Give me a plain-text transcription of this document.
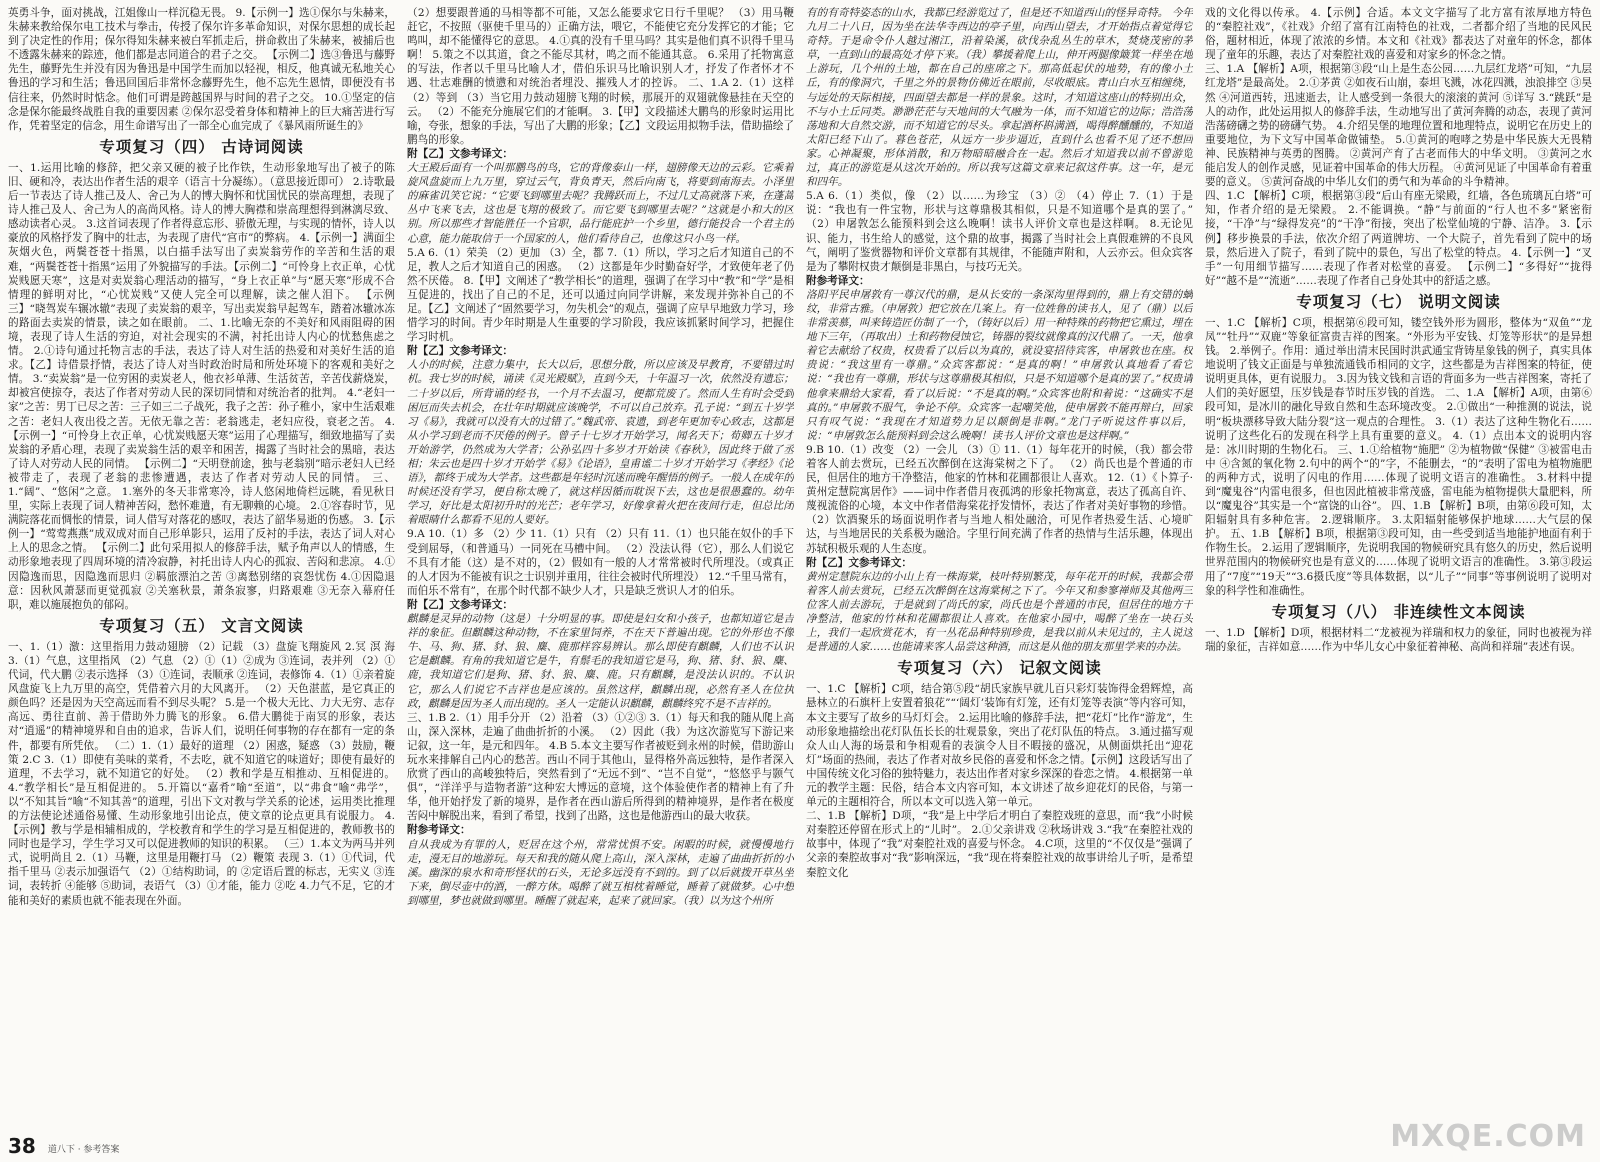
英勇斗争，面对挑战，江姐像山一样沉稳无畏。 9.【示例一】选①保尔与朱赫来，朱赫来教给保尔电工技术与拳击，传授了保尔许多革命知识，对保尔思想的成长起到了决定性的作用；保尔得知朱赫来被白军抓走后，拼命救出了朱赫来，被捕后也不透露朱赫来的踪迹，他们都是志同道合的君子之交。 【示例二】选③鲁迅与藤野先生，藤野先生并没有因为鲁迅是中国学生而加以轻视，相反，他真诚无私地关心鲁迅的学习和生活；鲁迅回国后非常怀念藤野先生，他不忘先生恩情，即便没有书信往来，仍然时时惦念。他们可谓是跨越国界与时间的君子之交。 10.①坚定的信念是保尔能最终战胜自我的重要因素 ②保尔忍受着身体和精神上的巨大痛苦进行写作，凭着坚定的信念，用生命谱写出了一部全心血完成了《暴风雨所诞生的》

专项复习（四） 古诗词阅读

一、1.运用比喻的修辞，把父亲又硬的被子比作铁，生动形象地写出了被子的陈旧、硬和冷，表达出作者生活的艰辛（语言十分凝练）。（意思接近即可） 2.诗歌最后一节表达了诗人推己及人、舍己为人的博大胸怀和忧国忧民的崇高理想，表现了诗人推己及人、舍己为人的高尚风格。诗人的博大胸襟和崇高理想得到淋漓尽致、感动读者心灵。 3.这首词表现了作者得意忘形、骄傲无理，与实现的情怀，诗人以豪放的风格抒发了胸中的壮志，为表现了唐代“宫市”的弊病。 4.【示例一】满面尘灰烟火色，两鬓苍苍十指黑，以白描手法写出了卖炭翁劳作的辛苦和生活的艰难，“两鬓苍苍十指黑”运用了外貌描写的手法。【示例二】“可怜身上衣正单，心忧炭贱愿天寒”，这是对卖炭翁心理活动的描写，“身上衣正单”与“愿天寒”形成不合情理的鲜明对比，“心忧炭贱”又使人完全可以理解，读之催人泪下。 【示例三】“晓驾炭车辗冰辙”表现了卖炭翁的艰辛，写出卖炭翁早起驾车，踏着冰辙冰冻的路面去卖炭的情景，读之如在眼前。 二、1.比喻无奈的不美好和风雨阻碍的困境，表现了诗人生活的穷迫，对社会现实的不满，衬托出诗人内心的忧愁焦虑之情。 2.①诗句通过托物言志的手法，表达了诗人对生活的热爱和对美好生活的追求。【乙】诗借景抒情，表达了诗人对当时政治时局和所处环境下的客观和美好之情。 3.“卖炭翁”是一位穷困的卖炭老人，他衣衫单薄、生活贫苦，辛苦伐薪烧炭，却被宫使掠夺，表达了作者对劳动人民的深切同情和对统治者的批判。 4.“老妇一家”之苦：男丁已尽之苦：三子如三二子战死，我子之苦：孙子稚小，家中生活艰难之苦：老妇人夜出役之苦。无依无靠之苦：老翁逃走，老妇应役，衰老之苦。 4.【示例一】“可怜身上衣正单，心忧炭贱愿天寒”运用了心理描写，细致地描写了卖炭翁的矛盾心理，表现了卖炭翁生活的艰辛和困苦，揭露了当时社会的黑暗，表达了诗人对劳动人民的同情。 【示例二】“天明登前途，独与老翁别”暗示老妇人已经被带走了，表现了老翁的悲惨遭遇，表达了作者对劳动人民的同情。 三、1.“阔”、“悠闲”之意。 1.塞外的冬天非常寒冷，诗人悠闲地倚栏远眺，看见秋日里，实际上表现了词人精神苦闷，愁怀难遣，有无聊赖的心境。 2.①容春时节，见满院落花而惆怅的情景，词人借写对落花的感叹，表达了韶华易逝的伤感。 3.【示例一】“莺莺燕燕”成双成对而自己形单影只，运用了反衬的手法，表达了词人对心上人的思念之情。 【示例二】此句采用拟人的修辞手法，赋予角声以人的情感，生动形象地表现了四周环境的清冷寂静，衬托出诗人内心的孤寂、苦闷和悲凉。 4.①因隐逸而思，因隐逸而思归 ②羁旅漂泊之苦 ③离愁别绪的哀怨忧伤 4.①因隐退意：因秋风萧瑟而更觉孤寂 ②关塞秋景，萧条寂寥，归路艰难 ③无奈入幕府任职，难以施展抱负的郁闷。

专项复习（五） 文言文阅读

一、1.（1）激：这里指用力鼓动翅膀 （2）记载 （3）盘旋飞翔旋风 2.冥 溟 海 3.（1）气息，这里指风 （2）气息 （2）①（1）②成为 ③连词，表并列 （2）①代词，代大鹏 ②表示选择 （3）①连词，表顺承 ②连词，表修饰 4.（1）①亲着旋风盘旋飞上九万里的高空，凭借着六月的大风离开。 （2）天色湛蓝，是它真正的颜色吗？还是因为天空高远而看不到尽头呢？ 5.是一个极大无比、力大无穷、志存高远、勇往直前、善于借助外力腾飞的形象。 6.借大鹏徙于南冥的形象，表达对“逍遥”的精神境界和自由的追求，告诉人们，说明任何事物的存在都有一定的条件，都要有所凭依。 （二）1.（1）最好的道理 （2）困惑，疑惑 （3）鼓励，鞭策 2.C 3.（1）即使有美味的菜肴，不去吃，就不知道它的味道好；即使有最好的道理，不去学习，就不知道它的好处。 （2）教和学是互相推动、互相促进的。 4.“教学相长”是互相促进的。 5.开篇以“嘉肴”喻“至道”，以“弗食”喻“弗学”，以“不知其旨”喻“不知其善”的道理，引出下文对教与学关系的论述，运用类比推理的方法使论述通俗易懂、生动形象地引出论点，使文章的论点更具有说服力。 4.【示例】教与学是相辅相成的，学校教育和学生的学习是互相促进的，教师教书的同时也是学习，学生学习又可以促进教师的知识的积累。 （三）1.本文为两马并列式，说明尚且 2.（1）马鞭，这里是用鞭打马 （2）鞭策 表现 3.（1）①代词，代指千里马 ②表示加强语气 （2）①结构助词，的 ②定语后置的标志，无实义 ③连词，表转折 ④能够 ⑤助词，表语气 （3）①才能，能力 ②吃 4.力气不足，它的才能和美好的素质也就不能表现在外面。

（2）想要跟普通的马相等都不可能，又怎么能要求它日行千里呢？ （3）用马鞭赶它，不按照（驱使千里马的）正确方法，喂它，不能使它充分发挥它的才能；它鸣叫，却不能懂得它的意思。 4.①真的没有千里马吗？其实是他们真不识得千里马啊！ 5.策之不以其道，食之不能尽其材，鸣之而不能通其意。 6.采用了托物寓意的写法，作者以千里马比喻人才，借伯乐识马比喻识别人才，抒发了作者怀才不遇、壮志难酬的愤懑和对统治者埋没、摧残人才的控诉。 二、1.A 2.（1）这样 （2）等到 （3）当它用力鼓动翅膀飞翔的时候，那展开的双翅就像悬挂在天空的云。 （2）不能充分施展它们的才能啊。 3.【甲】文段描述大鹏鸟的形象时运用比喻，夸张，想象的手法，写出了大鹏的形象；【乙】文段运用拟物手法，借助描绘了鹏鸟的形象。

附【乙】文参考译文：

大王殿后面有一个叫那鹏鸟的鸟，它的背像泰山一样，翅膀像天边的云彩。它乘着旋风盘旋而上九万里，穿过云气，背负青天，然后向南飞，将要到南海去。小泽里的麻雀讥笑它说：“它要飞到哪里去呢？我腾跃而上，不过几丈高就落下来，在蓬蒿丛中飞来飞去，这也是飞翔的极致了。而它要飞到哪里去呢？”这就是小和大的区别。所以那些才智能胜任一个官职，品行能庇护一个乡里，德行能投合一个君主的心意，能力能取信于一个国家的人，他们看待自己，也像这只小鸟一样。

5.A 6.（1）荣美 （2）更加 （3）全，都 7.（1）所以，学习之后才知道自己的不足，教人之后才知道自己的困惑。 （2）这都是年少时勤奋好学，才致使年老了仍然不厌倦。 8.【甲】文阐述了“教学相长”的道理，强调了在学习中“教”和“学”是相互促进的，找出了自己的不足，还可以通过向同学讲解，来发现并弥补自己的不足。【乙】文阐述了“固然要学习，勿失机会”的观点，强调了应早早地致力学习，珍惜学习的时间。青少年时期是人生重要的学习阶段，我应该抓紧时间学习，把握住学习时机。

附【乙】文参考译文：

人小的时候，注意力集中，长大以后，思想分散，所以应该及早教育，不要错过时机。我七岁的时候，诵读《灵光殿赋》，直到今天，十年温习一次，依然没有遗忘；二十岁以后，所背诵的经书，一个月不去温习，便都荒废了。然而人生有时会受到困厄而失去机会，在壮年时期就应该晚学，不可以自己放弃。孔子说：“到五十岁学习《易》，我就可以没有大的过错了。”魏武帝、袁遗，到老年更加专心致志，这都是从小学习到老而不厌倦的例子。曾子十七岁才开始学习，闻名天下；荀卿五十岁才开始游学，仍然成为大学者；公孙弘四十多岁才开始读《春秋》，因此终于做了丞相；朱云也是四十岁才开始学《易》《论语》，皇甫谧二十岁才开始学习《孝经》《论语》，都终于成为大学者。这些都是年轻时沉迷而晚年醒悟的例子。一般人在成年的时候还没有学习，便自称太晚了，就这样因循而耽误下去，这也是很愚蠢的。幼年学习，好比是太阳初升时的光芒；老年学习，好像拿着火把在夜间行走，但总比闭着眼睛什么都看不见的人要好。

9.A 10.（1）多 （2）少 11.（1）只有 （2）只有 11.（1）也只能在奴仆的手下受到屈辱，（和普通马）一同死在马槽中间。 （2）没法认得（它），那么人们说它不具有才能（这）是不对的，（2）假如有一般的人才常常被时代所埋没。（或真正的人才因为不能被有识之士识别并重用，往往会被时代所埋没） 12.“千里马常有，而伯乐不常有”，在那个时代都不缺少人才，只是缺乏赏识人才的伯乐。

附【乙】文参考译文：

麒麟是灵异的动物（这是）十分明显的事。即使是妇女和小孩子，也都知道它是吉祥的象征。但麒麟这种动物，不在家里饲养，不在天下普遍出现。它的外形也不像牛、马、狗、猪、豺、狼、麋、鹿那样容易辨认。那么即使有麒麟，人们也不认识它是麒麟。有角的我知道它是牛，有鬃毛的我知道它是马，狗、猪、豺、狼、麋、鹿，我知道它们是狗、猪、豺、狼、麋、鹿。只有麒麟，是没法认识的。不认识它，那么人们说它不吉祥也是应该的。虽然这样，麒麟出现，必然有圣人在位执政，麒麟是因为圣人而出现的。圣人一定能认识麒麟，麒麟终究不是不吉祥的。

三、1.B 2.（1）用手分开 （2）沿着 （3）①②③ 3.（1）每天和我的随从爬上高山，深入深林，走遍了曲曲折折的小溪。 （2）因此（我）为这次游览写下游记来记叙，这一年，是元和四年。 4.B 5.本文主要写作者被贬到永州的时候，借助游山玩水来排解自己内心的愁苦。西山不同于其他山，显得格外高远独特，是作者深入欣赏了西山的高峻独特后，突然看到了“无远不到”、“岂不自觉”，“悠悠乎与颢气俱”，“洋洋乎与造物者游”这种宏大博远的意境，这个体验使作者的精神上有了升华，他开始抒发了新的境界，是作者在西山游后所得到的精神境界，是作者在极度苦闷中解脱出来，看到了希望，找到了出路，这也是他游西山的最大收获。

附参考译文：

自从我成为有罪的人，贬居在这个州，常常忧惧不安。闲暇的时候，就慢慢地行走，漫无目的地游玩。每天和我的随从爬上高山，深入深林，走遍了曲曲折折的小溪。幽深的泉水和奇形怪状的石头，无论多远没有不到的。到了以后就拨开草丛坐下来，倒尽壶中的酒，一醉方休。喝醉了就互相枕着睡觉，睡着了就做梦。心中想到哪里，梦也就做到哪里。睡醒了就起来，起来了就回家。（我）以为这个州所

有的有奇特姿态的山水，我都已经游览过了，但是还不知道西山的怪异奇特。 今年九月二十八日，因为坐在法华寺西边的亭子里，向西山望去，才开始指点着觉得它奇特。于是命令仆人越过湘江，沿着染溪，砍伐杂乱丛生的草木，焚烧茂密的茅草，一直到山的最高处才停下来。（我）攀援着爬上山，伸开两腿像簸箕一样坐在地上游玩，几个州的土地，都在自己的座席之下。那高低起伏的地势，有的像小土丘，有的像洞穴，千里之外的景物仿佛近在眼前，尽收眼底。青山白水互相缠绕，与远处的天际相接，四面望去都是一样的景象。这时，才知道这座山的特别出众，不与小土丘同类。渺渺茫茫与天地间的大气融为一体，而不知道它的边际；浩浩荡荡地和大自然交游，而不知道它的尽头。拿起酒杯斟满酒，喝得醉醺醺的，不知道太阳已经下山了。暮色苍茫，从远方一步步逼近，直到什么也看不见了还不想回家。心神凝聚，形体消散，和万物暗暗融合在一起。然后才知道我以前不曾游览过，真正的游览是从这次开始的。所以我写这篇文章来记叙这件事。这一年，是元和四年。

5.A 6.（1）类似，像 （2）以……为珍宝 （3）② （4）停止 7.（1）于是说：“我也有一件宝物，形状与这尊鼎极其相似，只是不知道哪个是真的罢了。” （2）申屠敦怎么能预料到会这么晚啊！读书人评价文章也是这样啊。 8.无论见识、能力，书生给人的感觉，这个鼎的故事，揭露了当时社会上真假难辨的不良风气，阐明了鉴赏器物和评价文章都有其规律，不能随声附和，人云亦云。但众宾客是为了攀附权贵才颠倒是非黑白，与技巧无关。

附参考译文：

洛阳平民申屠敦有一尊汉代的鼎，是从长安的一条深沟里得到的，鼎上有交错的螭纹，非常古雅。（申屠敦）把它放在几案上。有一位姓鲁的读书人，见了（鼎）以后非常羡慕，叫来铸造匠仿制了一个，（铸好以后）用一种特殊的药物把它熏过，埋在地下三年，（再取出）土和药物侵蚀它，铸器的裂纹就像真的汉代鼎了。一天，他拿着它去献给了权贵，权贵看了以后以为真的，就设宴招待宾客，申屠敦也在座。权贵说：“我这里有一尊鼎。”众宾客都说：“是真的啊！”申屠敦认真地看了看它说：“我也有一尊鼎，形状与这尊鼎极其相似，只是不知道哪个是真的罢了。”权贵请他拿来鼎给大家看，看了以后说：“不是真的啊。”众宾客也附和着说：“这确实不是真的。”申屠敦不服气，争论不停。众宾客一起嘲笑他，使申屠敦不能再辩白，回家只有叹气说：“我现在才知道势力足以颠倒是非啊。”龙门子听说这件事以后，说：“申屠敦怎么能预料到会这么晚啊！读书人评价文章也是这样啊。”

9.B 10.（1）改变 （2）一会儿 （3）① 11.（1）每年花开的时候，（我）都会带着客人前去赏玩，已经五次醉倒在这海棠树之下了。 （2）尚氏也是个普通的市民，但居住的地方干净整洁，他家的竹林和花圃都很让人喜欢。 12.（1）《卜算子·黄州定慧院寓居作》——词中作者借月夜孤鸿的形象托物寓意，表达了孤高自许、蔑视流俗的心境，本文中作者借海棠花抒发情怀，表达了作者对美好事物的珍惜。 （2）饮酒聚乐的场面说明作者与当地人相处融洽，可见作者热爱生活、心境旷达，与当地居民的关系极为融洽。字里行间充满了作者的热情与生活乐趣，体现出苏轼积极乐观的人生态度。

附【乙】文参考译文：

黄州定慧院东边的小山上有一株海棠，枝叶特别繁茂，每年花开的时候，我都会带着客人前去赏玩，已经五次醉倒在这海棠树之下了。今年又和参寥禅师及其他两三位客人前去游玩，于是就到了尚氏的家，尚氏也是个普通的市民，但居住的地方干净整洁，他家的竹林和花圃都很让人喜欢。在他家小园中，喝醉了坐在一块石头上，我们一起欣赏花木，有一丛花品种特别珍贵，是我以前从未见过的，主人说这是普通的人家……也能请来客人品尝这种酒，而这是从他的朋友那里学来的办法。

专项复习（六） 记叙文阅读

一、1.C 【解析】C项，结合第⑤段“胡氏家族早就儿百只彩灯装饰得金碧辉煌，高悬林立的石旗杆上安置着狼花”“‘阔灯’装饰有灯笼，还有灯笼等表演”等内容可知，本文主要写了故乡的马灯灯会。 2.运用比喻的修辞手法，把“花灯”比作“游龙”，生动形象地描绘出花灯队伍长长的壮观景象，突出了花灯队伍的特点。 3.通过描写观众人山人海的场景和争相观看的表演令人目不暇接的盛况，从侧面烘托出“迎花灯”场面的热闹，表达了作者对故乡民俗的喜爱和怀念之情。【示例】这段话写出了中国传统文化习俗的独特魅力，表达出作者对家乡深深的眷恋之情。 4.根据第一单元的教学主题：民俗，结合本文内容可知，本文讲述了故乡迎花灯的民俗，与第一单元的主题相符合，所以本文可以选入第一单元。

二、1.B 【解析】D项，“我”是上中学后才明白了秦腔戏班的意思，而“我”小时候对秦腔还停留在形式上的“儿时”。 2.①父亲讲戏 ②秋场讲戏 3.“我”在秦腔社戏的故事中，体现了“我”对秦腔社戏的喜爱与怀念。 4.C项，这里的“不仅仅是”强调了父亲的秦腔故事对“我”影响深远，“我”现在将秦腔社戏的故事讲给儿子听，是希望秦腔文化

戏的文化得以传承。 4.【示例】合适。本文文字描写了北方富有浓厚地方特色的“秦腔社戏”，《社戏》介绍了富有江南特色的社戏，二者都介绍了当地的民风民俗，题材相近，体现了浓浓的乡情。本文和《社戏》都表达了对童年的怀念，都体现了童年的乐趣，表达了对秦腔社戏的喜爱和对家乡的怀念之情。

三、1.A 【解析】A项，根据第③段“山上是生态公园……九层红龙塔”可知，“九层红龙塔”是最高处。 2.①茅黄 ②如夜石山崩，泰坦飞溅，冰花四溅，浊浪排空 ③昊然 ④河道西转，迅速逝去，让人感受到一条很大的滚滚的黄河 ⑤详写 3.“跳跃”是人的动作，此处运用拟人的修辞手法，生动地写出了黄河奔腾的动态，表现了黄河浩荡磅礴之势的磅礴气势。 4.介绍吴堡的地理位置和地理特点，说明它在历史上的重要地位，为下文写中国革命做铺垫。 5.①黄河的咆哮之势是中华民族大无畏精神、民族精神与英勇的图腾。 ②黄河产育了古老而伟大的中华文明。 ③黄河之水能启发人的创作灵感，见证着中国革命的伟大历程。 ④黄河见证了中国革命有着重要的意义。 ⑤黄河奋战的中华儿女们的勇气和为革命的斗争精神。

四、1.C 【解析】C项，根据第③段“后山有座无梁殿，红墙，各色琉璃瓦白塔”可知，作者介绍的是无梁殿。 2.不能调换。“静”与前面的“行人也不多”紧密衔接，“干净”与“绿得发亮”的“干净”衔接，突出了松堂仙境的宁静、洁净。 3.【示例】移步换景的手法，依次介绍了两道牌坊、一个大院子，首先看到了院中的场景，然后进入了院子，看到了院中的景色，写出了松堂的特点。 4.【示例一】“叉手”一句用细节描写……表现了作者对松堂的喜爱。 【示例二】“多得好”“拢得好”“越不是”“流逝”……表现了作者自己身处其中的舒适之感。

专项复习（七） 说明文阅读

一、1.C 【解析】C项，根据第⑥段可知，镂空钱外形为圆形，整体为“双鱼”“龙凤”“牡丹”“双鹿”等象征富贵吉祥的图案。“外形为平安钱、灯笼等形状”的是异想钱。 2.举例子。作用：通过举出清末民国时洪武通宝背铸星象钱的例子，真实具体地说明了钱文正面是与单独流通钱币相同的文字，这些都是为吉祥图案的特征，使说明更具体，更有说服力。 3.因为钱文钱和言语的背面多为一些吉祥图案，寄托了人们的美好愿望，压岁钱是春节时压岁钱的首选。 二、1.A 【解析】A项，由第⑥段可知，是冰川的融化导致自然和生态环境改变。 2.①做出“一种推测的说法，说明“板块漂移导致大陆分裂”这一观点的合理性。 3.（1）表达了这种生物化石……说明了这些化石的发现在科学上具有重要的意义。 4.（1）点出本文的说明内容是：冰川时期的生物化石。 三、1.①给植物“施肥” ②为植物做“保健” ③被雷电击中 ④含氮的氧化物 2.句中的两个“的”字，不能删去，“的”表明了雷电为植物施肥的两种方式，说明了闪电的作用……体现了说明文语言的准确性。 3.材料中提到“魔鬼谷”内雷电很多，但也因此植被非常茂盛，雷电能为植物提供大量肥料，所以“魔鬼谷”其实是一个“富饶的山谷”。 四、1.B 【解析】B项，由第⑥段可知，太阳辐射具有多种危害。 2.逻辑顺序。 3.太阳辐射能够保护地球……大气层的保护。 五、1.B 【解析】B项，根据第③段可知，由一些受到适当地能护地面有利于作物生长。 2.运用了逻辑顺序，先说明我国的物候研究具有悠久的历史，然后说明世界范围内的物候研究也是有意义的……体现了说明文语言的准确性。 3.第③段运用了“7度”“19天”“3.6摄氏度”等具体数据，以“儿子”“同事”等事例说明了说明对象的科学性和准确性。

专项复习（八） 非连续性文本阅读

一、1.D 【解析】D项，根据材料二“龙被视为祥瑞和权力的象征，同时也被视为祥瑞的象征，吉祥如意……作为中华儿女心中象征着神秘、高尚和祥瑞”表述有误。

38 道八下 · 参考答案	MXQE.COM
